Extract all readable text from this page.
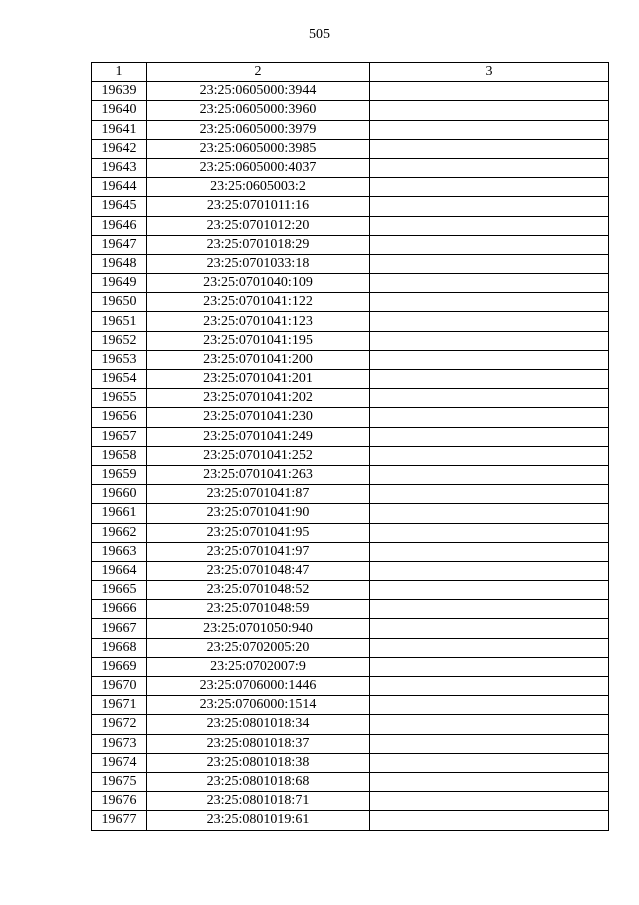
505
1	2	3
19639	23:25:0605000:3944	
19640	23:25:0605000:3960	
19641	23:25:0605000:3979	
19642	23:25:0605000:3985	
19643	23:25:0605000:4037	
19644	23:25:0605003:2	
19645	23:25:0701011:16	
19646	23:25:0701012:20	
19647	23:25:0701018:29	
19648	23:25:0701033:18	
19649	23:25:0701040:109	
19650	23:25:0701041:122	
19651	23:25:0701041:123	
19652	23:25:0701041:195	
19653	23:25:0701041:200	
19654	23:25:0701041:201	
19655	23:25:0701041:202	
19656	23:25:0701041:230	
19657	23:25:0701041:249	
19658	23:25:0701041:252	
19659	23:25:0701041:263	
19660	23:25:0701041:87	
19661	23:25:0701041:90	
19662	23:25:0701041:95	
19663	23:25:0701041:97	
19664	23:25:0701048:47	
19665	23:25:0701048:52	
19666	23:25:0701048:59	
19667	23:25:0701050:940	
19668	23:25:0702005:20	
19669	23:25:0702007:9	
19670	23:25:0706000:1446	
19671	23:25:0706000:1514	
19672	23:25:0801018:34	
19673	23:25:0801018:37	
19674	23:25:0801018:38	
19675	23:25:0801018:68	
19676	23:25:0801018:71	
19677	23:25:0801019:61	
